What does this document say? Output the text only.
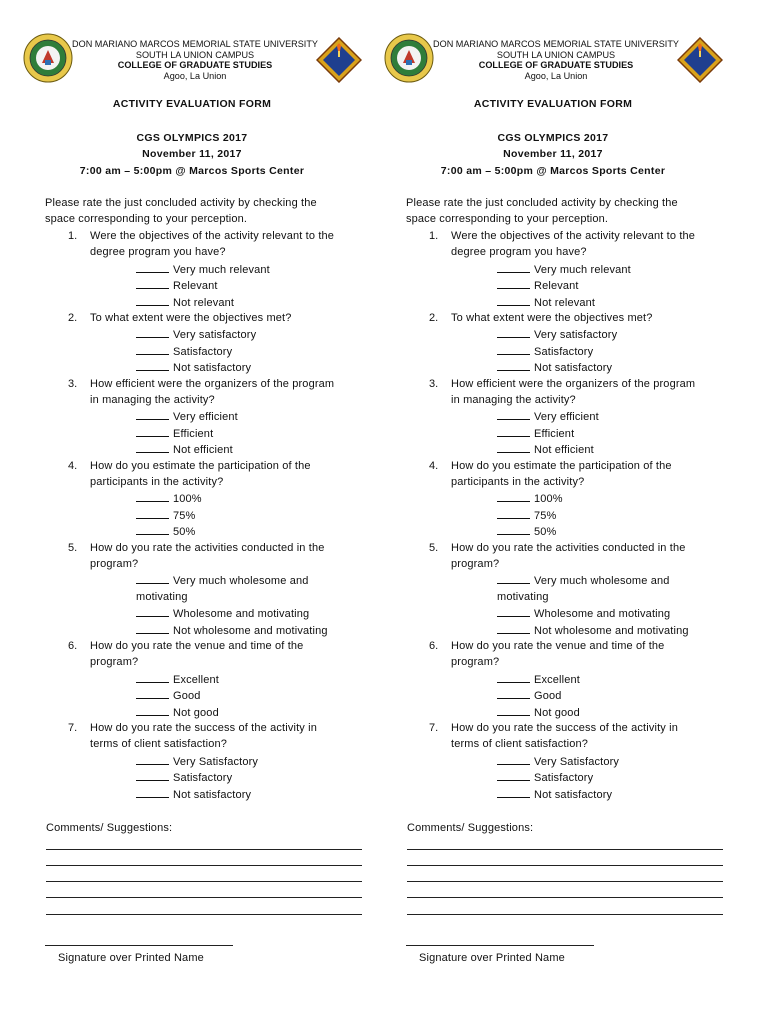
DON MARIANO MARCOS MEMORIAL STATE UNIVERSITY
SOUTH LA UNION CAMPUS
COLLEGE OF GRADUATE STUDIES
Agoo, La Union
ACTIVITY EVALUATION FORM
CGS OLYMPICS 2017
November 11, 2017
7:00 am – 5:00pm @ Marcos Sports Center
Please rate the just concluded activity by checking the
space corresponding to your perception.
1. Were the objectives of the activity relevant to the
degree program you have?
Very much relevant
Relevant
Not relevant
2. To what extent were the objectives met?
Very satisfactory
Satisfactory
Not satisfactory
3. How efficient were the organizers of the program
in managing the activity?
Very efficient
Efficient
Not efficient
4. How do you estimate the participation of the
participants in the activity?
100%
75%
50%
5. How do you rate the activities conducted in the
program?
Very much wholesome and
motivating
Wholesome and motivating
Not wholesome and motivating
6. How do you rate the venue and time of the
program?
Excellent
Good
Not good
7. How do you rate the success of the activity in
terms of client satisfaction?
Very Satisfactory
Satisfactory
Not satisfactory
Comments/ Suggestions:
Signature over Printed Name
DON MARIANO MARCOS MEMORIAL STATE UNIVERSITY
SOUTH LA UNION CAMPUS
COLLEGE OF GRADUATE STUDIES
Agoo, La Union
ACTIVITY EVALUATION FORM
CGS OLYMPICS 2017
November 11, 2017
7:00 am – 5:00pm @ Marcos Sports Center
Please rate the just concluded activity by checking the
space corresponding to your perception.
1. Were the objectives of the activity relevant to the
degree program you have?
Very much relevant
Relevant
Not relevant
2. To what extent were the objectives met?
Very satisfactory
Satisfactory
Not satisfactory
3. How efficient were the organizers of the program
in managing the activity?
Very efficient
Efficient
Not efficient
4. How do you estimate the participation of the
participants in the activity?
100%
75%
50%
5. How do you rate the activities conducted in the
program?
Very much wholesome and
motivating
Wholesome and motivating
Not wholesome and motivating
6. How do you rate the venue and time of the
program?
Excellent
Good
Not good
7. How do you rate the success of the activity in
terms of client satisfaction?
Very Satisfactory
Satisfactory
Not satisfactory
Comments/ Suggestions:
Signature over Printed Name
